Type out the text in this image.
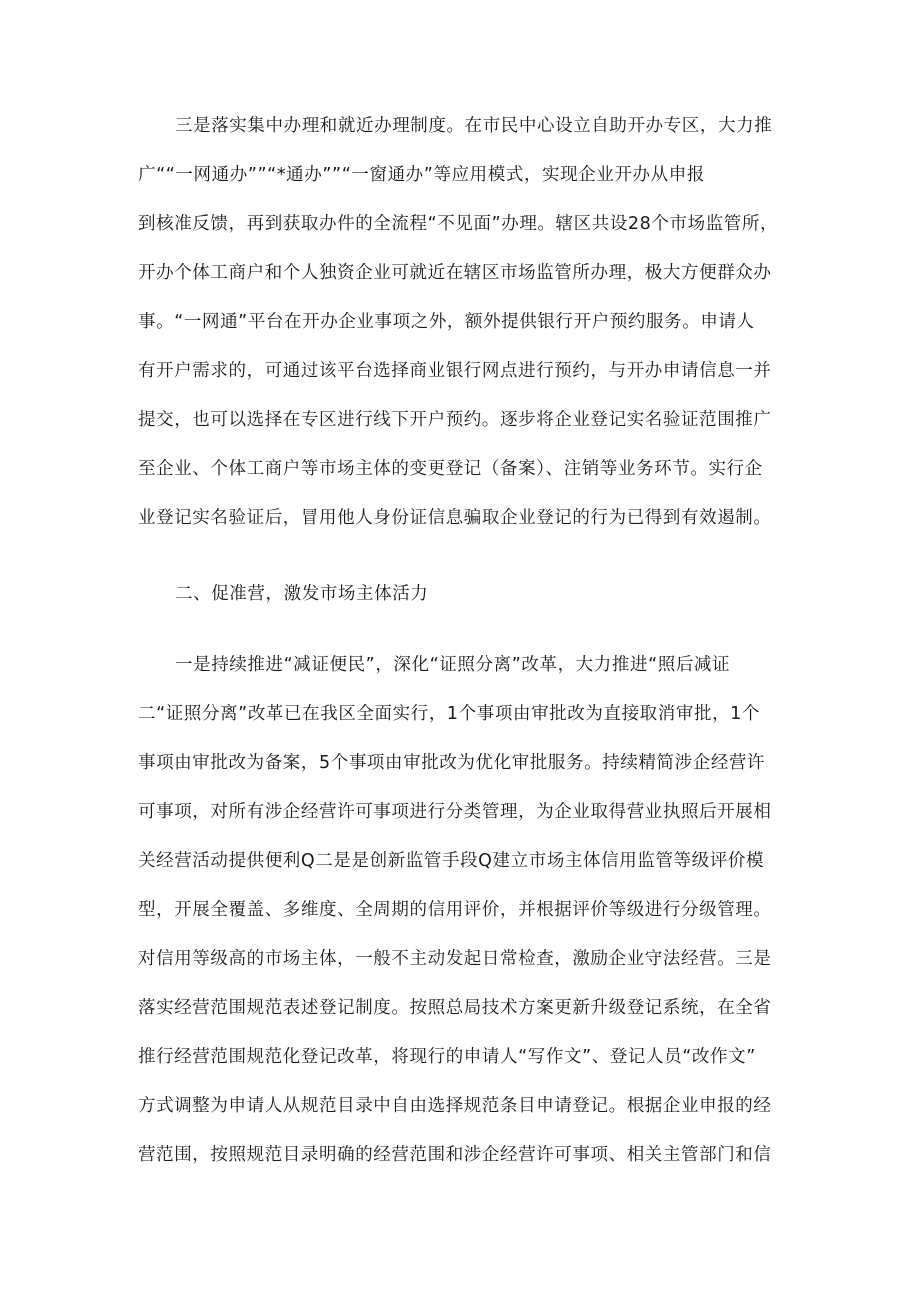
三是落实集中办理和就近办理制度。在市民中心设立自助开办专区，大力推
广““一网通办””“*通办””“一窗通办”等应用模式，实现企业开办从申报
到核准反馈，再到获取办件的全流程“不见面”办理。辖区共设28个市场监管所，
开办个体工商户和个人独资企业可就近在辖区市场监管所办理，极大方便群众办
事。“一网通”平台在开办企业事项之外，额外提供银行开户预约服务。申请人
有开户需求的，可通过该平台选择商业银行网点进行预约，与开办申请信息一并
提交，也可以选择在专区进行线下开户预约。逐步将企业登记实名验证范围推广
至企业、个体工商户等市场主体的变更登记（备案）、注销等业务环节。实行企
业登记实名验证后，冒用他人身份证信息骗取企业登记的行为已得到有效遏制。
二、促准营，激发市场主体活力
一是持续推进“减证便民”，深化“证照分离”改革，大力推进“照后减证
二“证照分离”改革已在我区全面实行，1个事项由审批改为直接取消审批，1个
事项由审批改为备案，5个事项由审批改为优化审批服务。持续精简涉企经营许
可事项，对所有涉企经营许可事项进行分类管理，为企业取得营业执照后开展相
关经营活动提供便利Q二是是创新监管手段Q建立市场主体信用监管等级评价模
型，开展全覆盖、多维度、全周期的信用评价，并根据评价等级进行分级管理。
对信用等级高的市场主体，一般不主动发起日常检查，激励企业守法经营。三是
落实经营范围规范表述登记制度。按照总局技术方案更新升级登记系统，在全省
推行经营范围规范化登记改革，将现行的申请人“写作文”、登记人员“改作文”
方式调整为申请人从规范目录中自由选择规范条目申请登记。根据企业申报的经
营范围，按照规范目录明确的经营范围和涉企经营许可事项、相关主管部门和信
